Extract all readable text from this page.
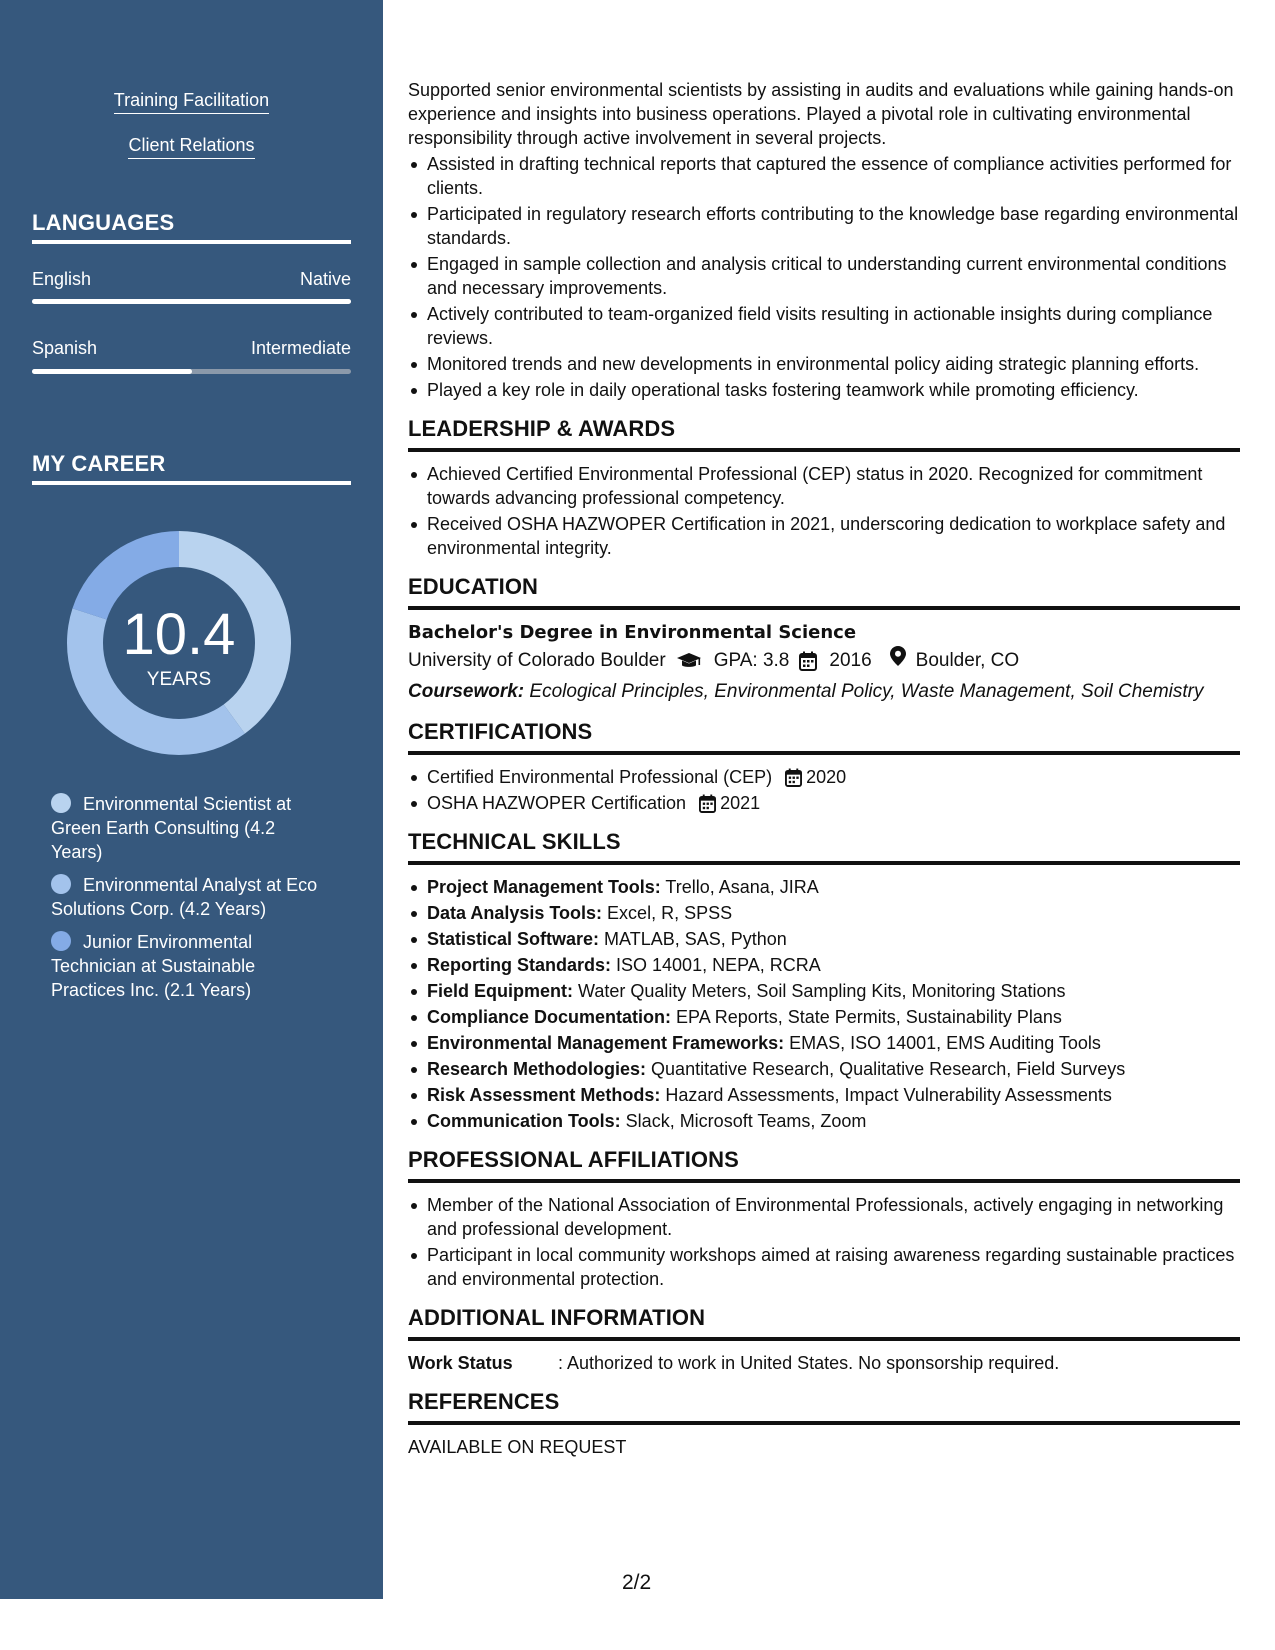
Training Facilitation
Client Relations
LANGUAGES
English	Native
Spanish	Intermediate
MY CAREER
10.4
YEARS
Environmental Scientist at Green Earth Consulting (4.2 Years)
Environmental Analyst at Eco Solutions Corp. (4.2 Years)
Junior Environmental Technician at Sustainable Practices Inc. (2.1 Years)

Supported senior environmental scientists by assisting in audits and evaluations while gaining hands-on experience and insights into business operations. Played a pivotal role in cultivating environmental responsibility through active involvement in several projects.

Assisted in drafting technical reports that captured the essence of compliance activities performed for clients.
Participated in regulatory research efforts contributing to the knowledge base regarding environmental standards.
Engaged in sample collection and analysis critical to understanding current environmental conditions and necessary improvements.
Actively contributed to team-organized field visits resulting in actionable insights during compliance reviews.
Monitored trends and new developments in environmental policy aiding strategic planning efforts.
Played a key role in daily operational tasks fostering teamwork while promoting efficiency.
LEADERSHIP & AWARDS
Achieved Certified Environmental Professional (CEP) status in 2020. Recognized for commitment towards advancing professional competency.
Received OSHA HAZWOPER Certification in 2021, underscoring dedication to workplace safety and environmental integrity.
EDUCATION
Bachelor's Degree in Environmental Science
University of Colorado Boulder	GPA: 3.8 2016 Boulder, CO
Coursework: Ecological Principles, Environmental Policy, Waste Management, Soil Chemistry
CERTIFICATIONS
Certified Environmental Professional (CEP) 2020
OSHA HAZWOPER Certification 2021
TECHNICAL SKILLS
Project Management Tools: Trello, Asana, JIRA
Data Analysis Tools: Excel, R, SPSS
Statistical Software: MATLAB, SAS, Python
Reporting Standards: ISO 14001, NEPA, RCRA
Field Equipment: Water Quality Meters, Soil Sampling Kits, Monitoring Stations
Compliance Documentation: EPA Reports, State Permits, Sustainability Plans
Environmental Management Frameworks: EMAS, ISO 14001, EMS Auditing Tools
Research Methodologies: Quantitative Research, Qualitative Research, Field Surveys
Risk Assessment Methods: Hazard Assessments, Impact Vulnerability Assessments
Communication Tools: Slack, Microsoft Teams, Zoom
PROFESSIONAL AFFILIATIONS
Member of the National Association of Environmental Professionals, actively engaging in networking and professional development.
Participant in local community workshops aimed at raising awareness regarding sustainable practices and environmental protection.
ADDITIONAL INFORMATION
Work Status	: Authorized to work in United States. No sponsorship required.
REFERENCES
AVAILABLE ON REQUEST
2/2
